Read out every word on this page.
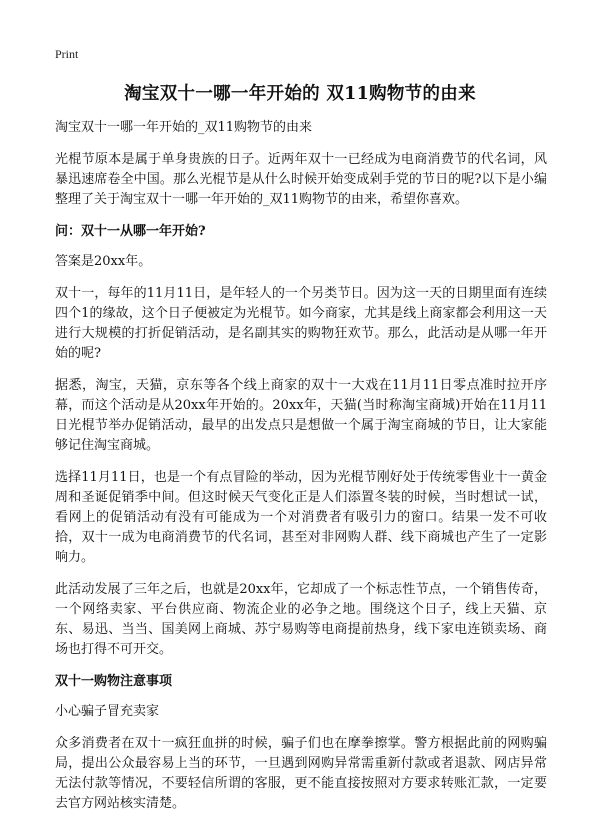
Print
淘宝双十一哪一年开始的 双11购物节的由来
淘宝双十一哪一年开始的_双11购物节的由来

光棍节原本是属于单身贵族的日子。近两年双十一已经成为电商消费节的代名词，风暴迅速席卷全中国。那么光棍节是从什么时候开始变成剁手党的节日的呢?以下是小编整理了关于淘宝双十一哪一年开始的_双11购物节的由来，希望你喜欢。

问：双十一从哪一年开始?

答案是20xx年。

双十一，每年的11月11日，是年轻人的一个另类节日。因为这一天的日期里面有连续四个1的缘故，这个日子便被定为光棍节。如今商家，尤其是线上商家都会利用这一天进行大规模的打折促销活动，是名副其实的购物狂欢节。那么，此活动是从哪一年开始的呢?

据悉，淘宝，天猫，京东等各个线上商家的双十一大戏在11月11日零点准时拉开序幕，而这个活动是从20xx年开始的。20xx年，天猫(当时称淘宝商城)开始在11月11日光棍节举办促销活动，最早的出发点只是想做一个属于淘宝商城的节日，让大家能够记住淘宝商城。

选择11月11日，也是一个有点冒险的举动，因为光棍节刚好处于传统零售业十一黄金周和圣诞促销季中间。但这时候天气变化正是人们添置冬装的时候，当时想试一试，看网上的促销活动有没有可能成为一个对消费者有吸引力的窗口。结果一发不可收拾，双十一成为电商消费节的代名词，甚至对非网购人群、线下商城也产生了一定影响力。

此活动发展了三年之后，也就是20xx年，它却成了一个标志性节点，一个销售传奇，一个网络卖家、平台供应商、物流企业的必争之地。围绕这个日子，线上天猫、京东、易迅、当当、国美网上商城、苏宁易购等电商提前热身，线下家电连锁卖场、商场也打得不可开交。

双十一购物注意事项
小心骗子冒充卖家

众多消费者在双十一疯狂血拼的时候，骗子们也在摩拳擦掌。警方根据此前的网购骗局，提出公众最容易上当的环节，一旦遇到网购异常需重新付款或者退款、网店异常无法付款等情况，不要轻信所谓的客服，更不能直接按照对方要求转账汇款，一定要去官方网站核实清楚。
